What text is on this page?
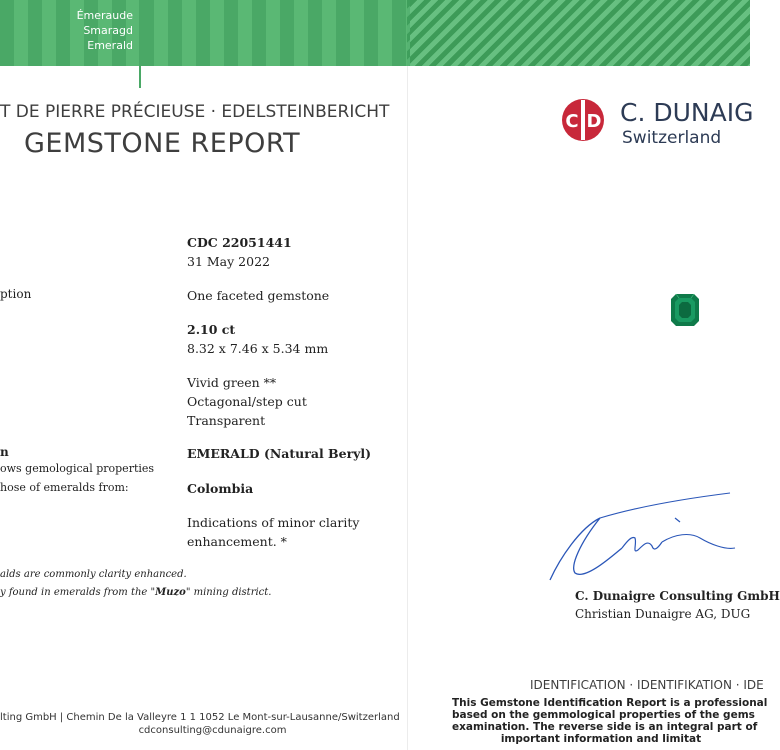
Émeraude
Smaragd
Emerald
T DE PIERRE PRÉCIEUSE · EDELSTEINBERICHT
GEMSTONE REPORT
ption
n
ows gemological properties
hose of emeralds from:
CDC 22051441
31 May 2022
One faceted gemstone
2.10 ct
8.32 x 7.46 x 5.34 mm
Vivid green **
Octagonal/step cut
Transparent
EMERALD (Natural Beryl)
Colombia
Indications of minor clarity
enhancement. *
alds are commonly clarity enhanced.
y found in emeralds from the "Muzo" mining district.
lting GmbH | Chemin De la Valleyre 1 1 1052 Le Mont-sur-Lausanne/Switzerland
cdconsulting@cdunaigre.com
C D C. DUNAIG
Switzerland
C. Dunaigre Consulting GmbH
Christian Dunaigre AG, DUG
IDENTIFICATION · IDENTIFIKATION · IDE
This Gemstone Identification Report is a professional
based on the gemmological properties of the gems
examination. The reverse side is an integral part of
important information and limitat
